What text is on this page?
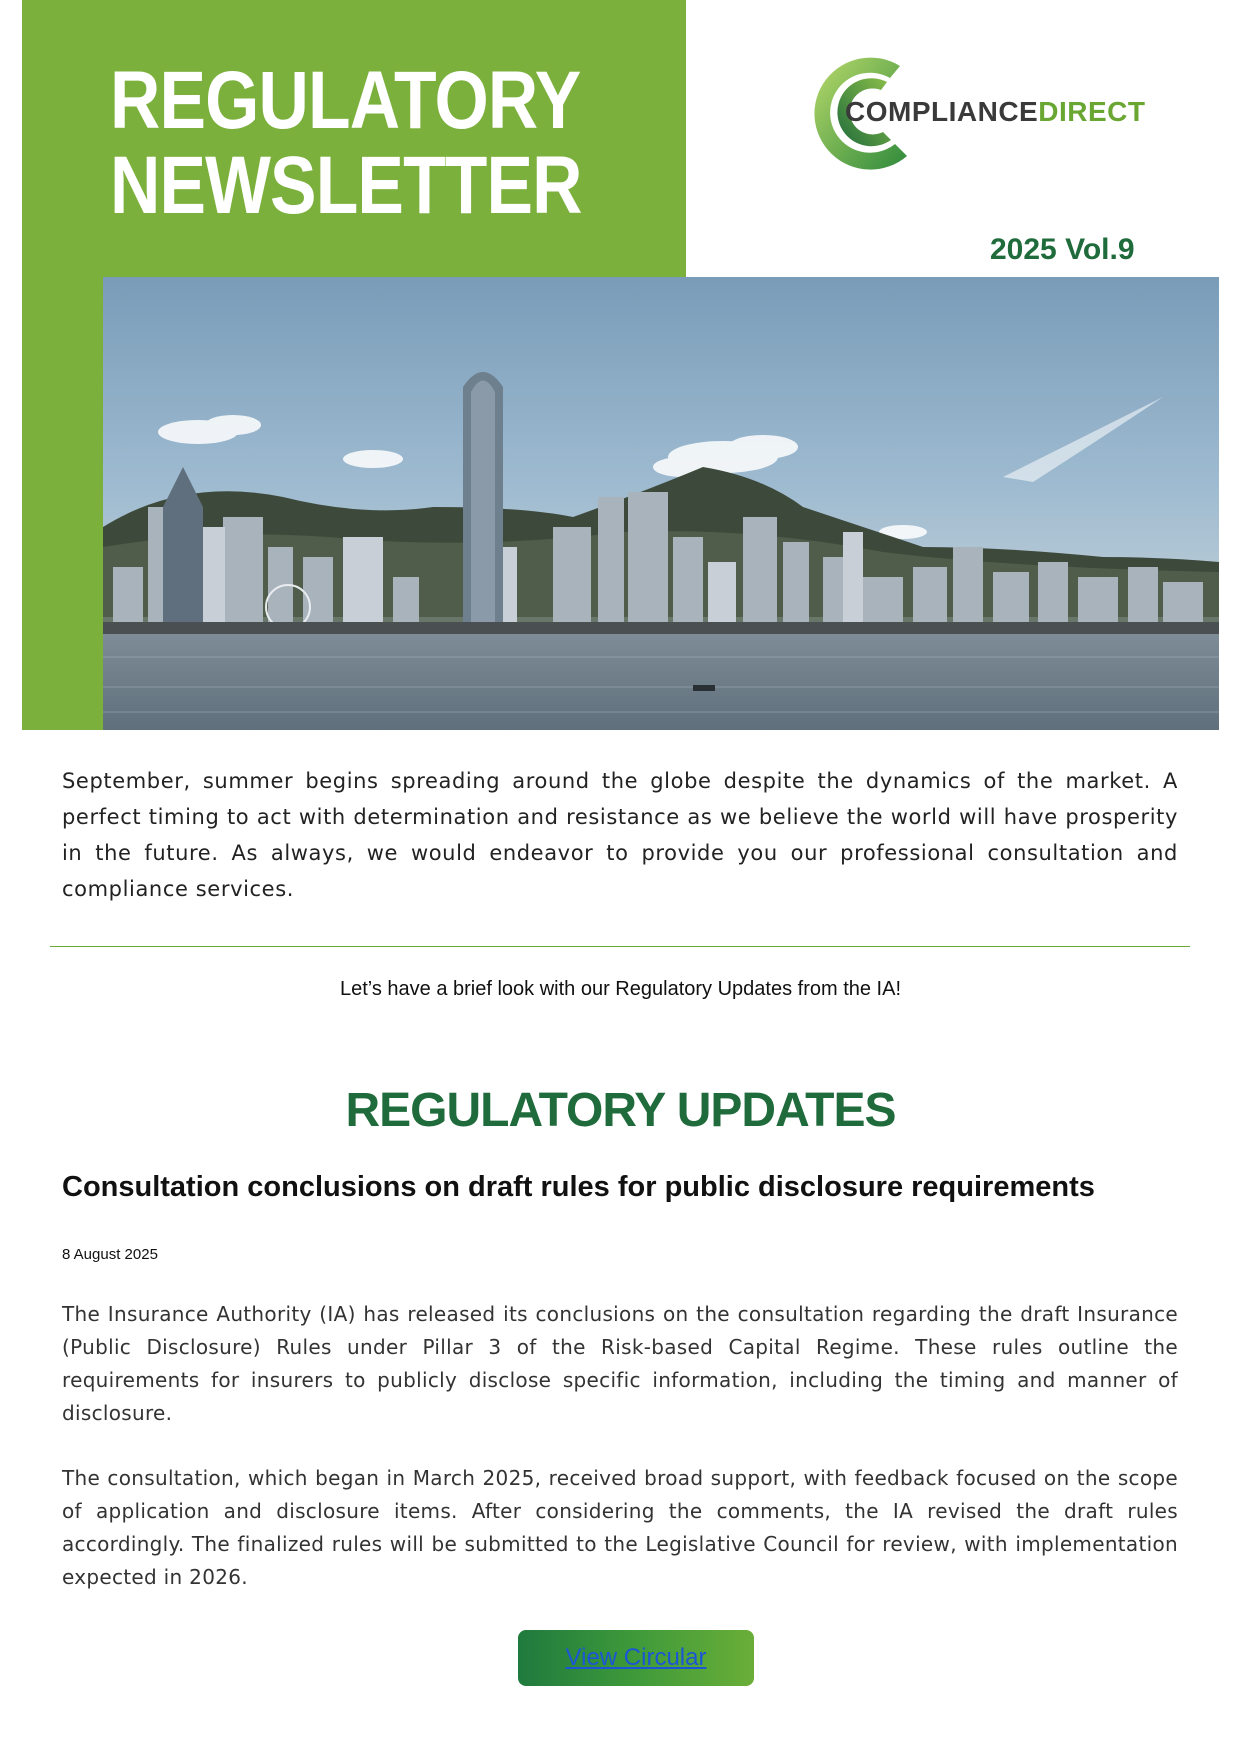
REGULATORY
NEWSLETTER
COMPLIANCEDIRECT
2025 Vol.9
September, summer begins spreading around the globe despite the dynamics of the market. A perfect timing to act with determination and resistance as we believe the world will have prosperity in the future. As always, we would endeavor to provide you our professional consultation and compliance services.
Let’s have a brief look with our Regulatory Updates from the IA!
REGULATORY UPDATES
Consultation conclusions on draft rules for public disclosure requirements
8 August 2025
The Insurance Authority (IA) has released its conclusions on the consultation regarding the draft Insurance (Public Disclosure) Rules under Pillar 3 of the Risk-based Capital Regime. These rules outline the requirements for insurers to publicly disclose specific information, including the timing and manner of disclosure.
The consultation, which began in March 2025, received broad support, with feedback focused on the scope of application and disclosure items. After considering the comments, the IA revised the draft rules accordingly. The finalized rules will be submitted to the Legislative Council for review, with implementation expected in 2026.
View Circular
